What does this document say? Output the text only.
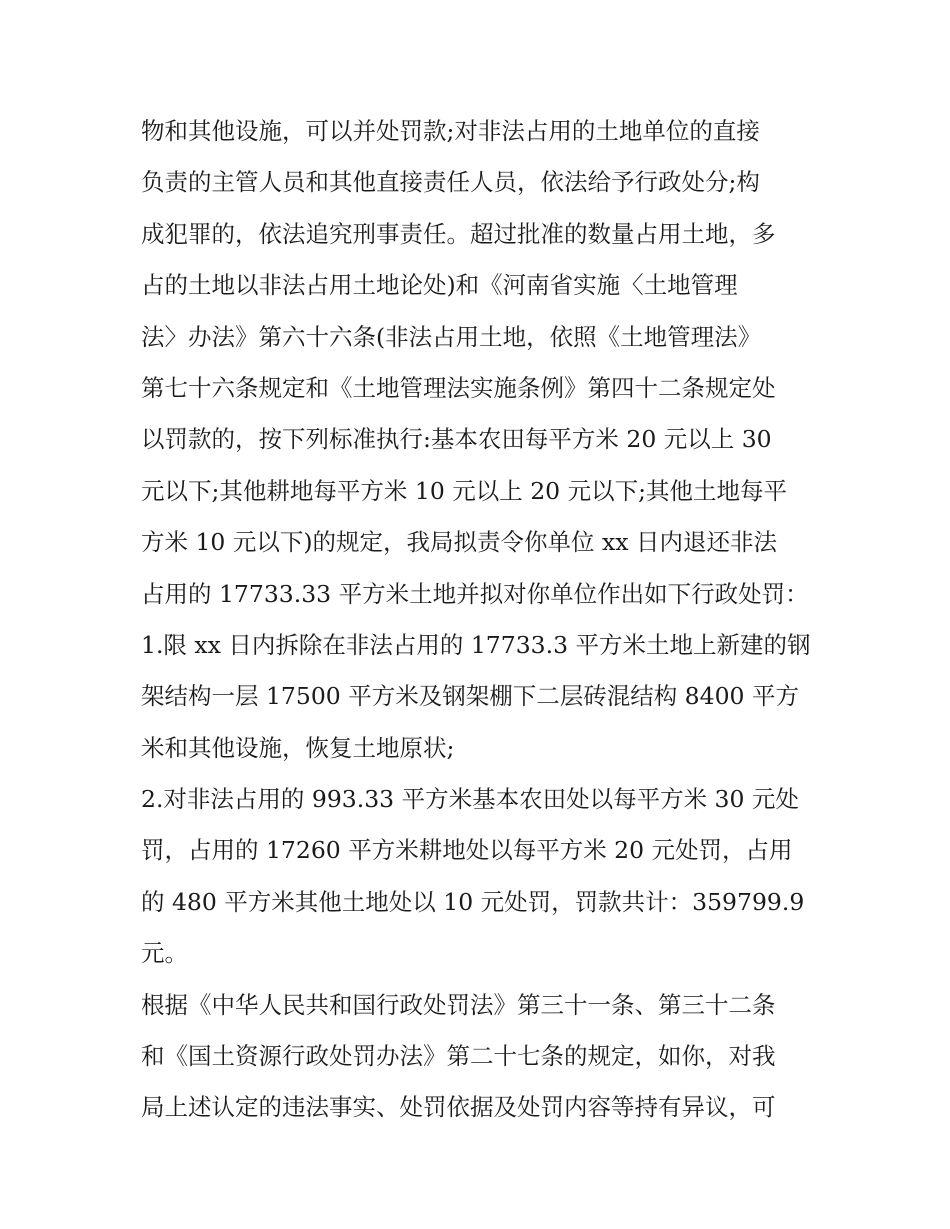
物和其他设施，可以并处罚款;对非法占用的土地单位的直接
负责的主管人员和其他直接责任人员，依法给予行政处分;构
成犯罪的，依法追究刑事责任。超过批准的数量占用土地，多
占的土地以非法占用土地论处)和《河南省实施〈土地管理
法〉办法》第六十六条(非法占用土地，依照《土地管理法》
第七十六条规定和《土地管理法实施条例》第四十二条规定处
以罚款的，按下列标准执行:基本农田每平方米 20 元以上 30
元以下;其他耕地每平方米 10 元以上 20 元以下;其他土地每平
方米 10 元以下)的规定，我局拟责令你单位 xx 日内退还非法
占用的 17733.33 平方米土地并拟对你单位作出如下行政处罚：
1.限 xx 日内拆除在非法占用的 17733.3 平方米土地上新建的钢
架结构一层 17500 平方米及钢架棚下二层砖混结构 8400 平方
米和其他设施，恢复土地原状;
2.对非法占用的 993.33 平方米基本农田处以每平方米 30 元处
罚，占用的 17260 平方米耕地处以每平方米 20 元处罚，占用
的 480 平方米其他土地处以 10 元处罚，罚款共计：359799.9
元。
根据《中华人民共和国行政处罚法》第三十一条、第三十二条
和《国土资源行政处罚办法》第二十七条的规定，如你，对我
局上述认定的违法事实、处罚依据及处罚内容等持有异议，可
